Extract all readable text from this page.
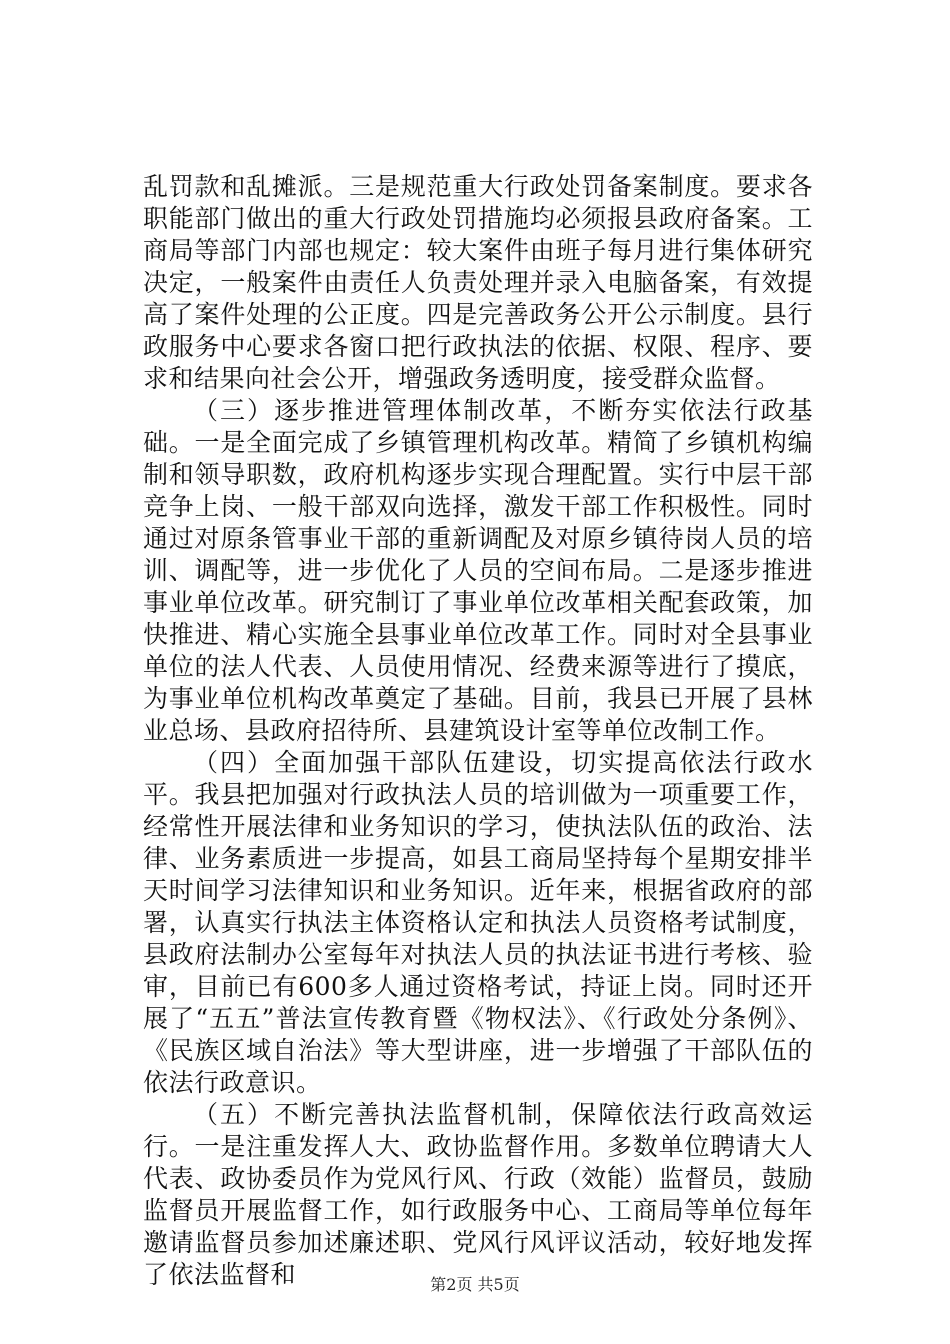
乱罚款和乱摊派。三是规范重大行政处罚备案制度。要求各职能部门做出的重大行政处罚措施均必须报县政府备案。工商局等部门内部也规定：较大案件由班子每月进行集体研究决定，一般案件由责任人负责处理并录入电脑备案，有效提高了案件处理的公正度。四是完善政务公开公示制度。县行政服务中心要求各窗口把行政执法的依据、权限、程序、要求和结果向社会公开，增强政务透明度，接受群众监督。

（三）逐步推进管理体制改革，不断夯实依法行政基础。一是全面完成了乡镇管理机构改革。精简了乡镇机构编制和领导职数，政府机构逐步实现合理配置。实行中层干部竞争上岗、一般干部双向选择，激发干部工作积极性。同时通过对原条管事业干部的重新调配及对原乡镇待岗人员的培训、调配等，进一步优化了人员的空间布局。二是逐步推进事业单位改革。研究制订了事业单位改革相关配套政策，加快推进、精心实施全县事业单位改革工作。同时对全县事业单位的法人代表、人员使用情况、经费来源等进行了摸底，为事业单位机构改革奠定了基础。目前，我县已开展了县林业总场、县政府招待所、县建筑设计室等单位改制工作。

（四）全面加强干部队伍建设，切实提高依法行政水平。我县把加强对行政执法人员的培训做为一项重要工作，经常性开展法律和业务知识的学习，使执法队伍的政治、法律、业务素质进一步提高，如县工商局坚持每个星期安排半天时间学习法律知识和业务知识。近年来，根据省政府的部署，认真实行执法主体资格认定和执法人员资格考试制度，县政府法制办公室每年对执法人员的执法证书进行考核、验审，目前已有600多人通过资格考试，持证上岗。同时还开展了“五五”普法宣传教育暨《物权法》、《行政处分条例》、《民族区域自治法》等大型讲座，进一步增强了干部队伍的依法行政意识。

（五）不断完善执法监督机制，保障依法行政高效运行。一是注重发挥人大、政协监督作用。多数单位聘请大人代表、政协委员作为党风行风、行政（效能）监督员，鼓励监督员开展监督工作，如行政服务中心、工商局等单位每年邀请监督员参加述廉述职、党风行风评议活动，较好地发挥了依法监督和	第2页 共5页
